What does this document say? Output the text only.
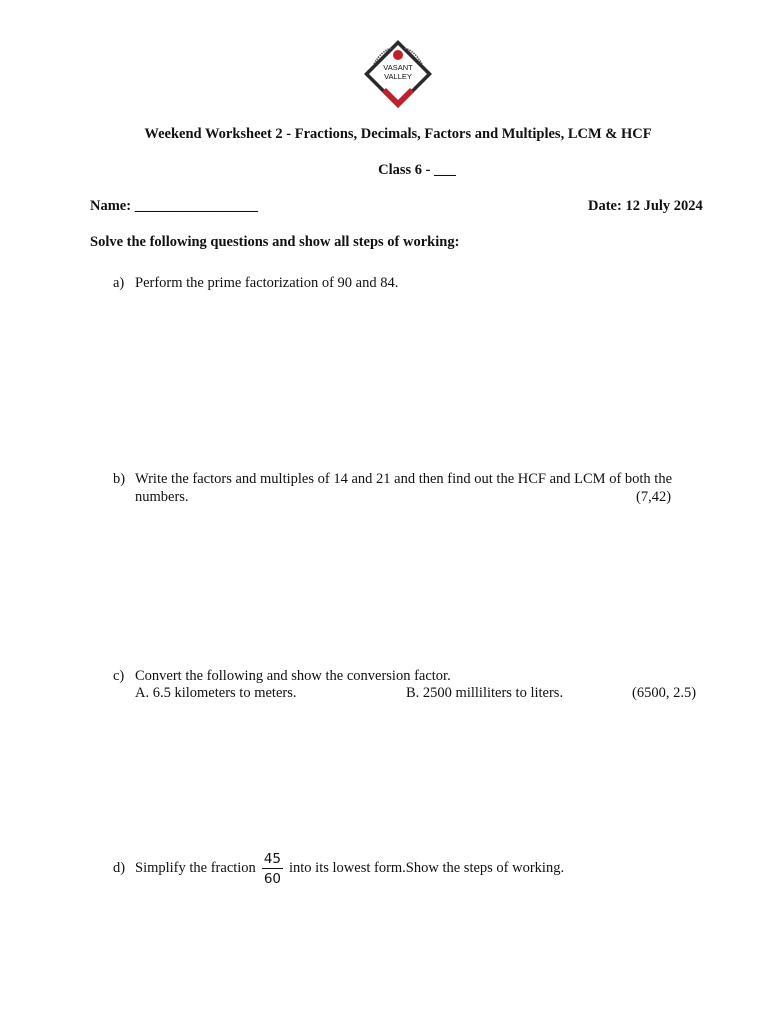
VASANT
VALLEY
Weekend Worksheet 2 - Fractions, Decimals, Factors and Multiples, LCM & HCF
Class 6 - ___
Name: _________________	Date: 12 July 2024
Solve the following questions and show all steps of working:
a) Perform the prime factorization of 90 and 84.
b) Write the factors and multiples of 14 and 21 and then find out the HCF and LCM of both the
numbers.	(7,42)
c) Convert the following and show the conversion factor.
A. 6.5 kilometers to meters.	B. 2500 milliliters to liters.	(6500, 2.5)
d) Simplify the fraction $\frac{45}{60}$ into its lowest form.Show the steps of working.
